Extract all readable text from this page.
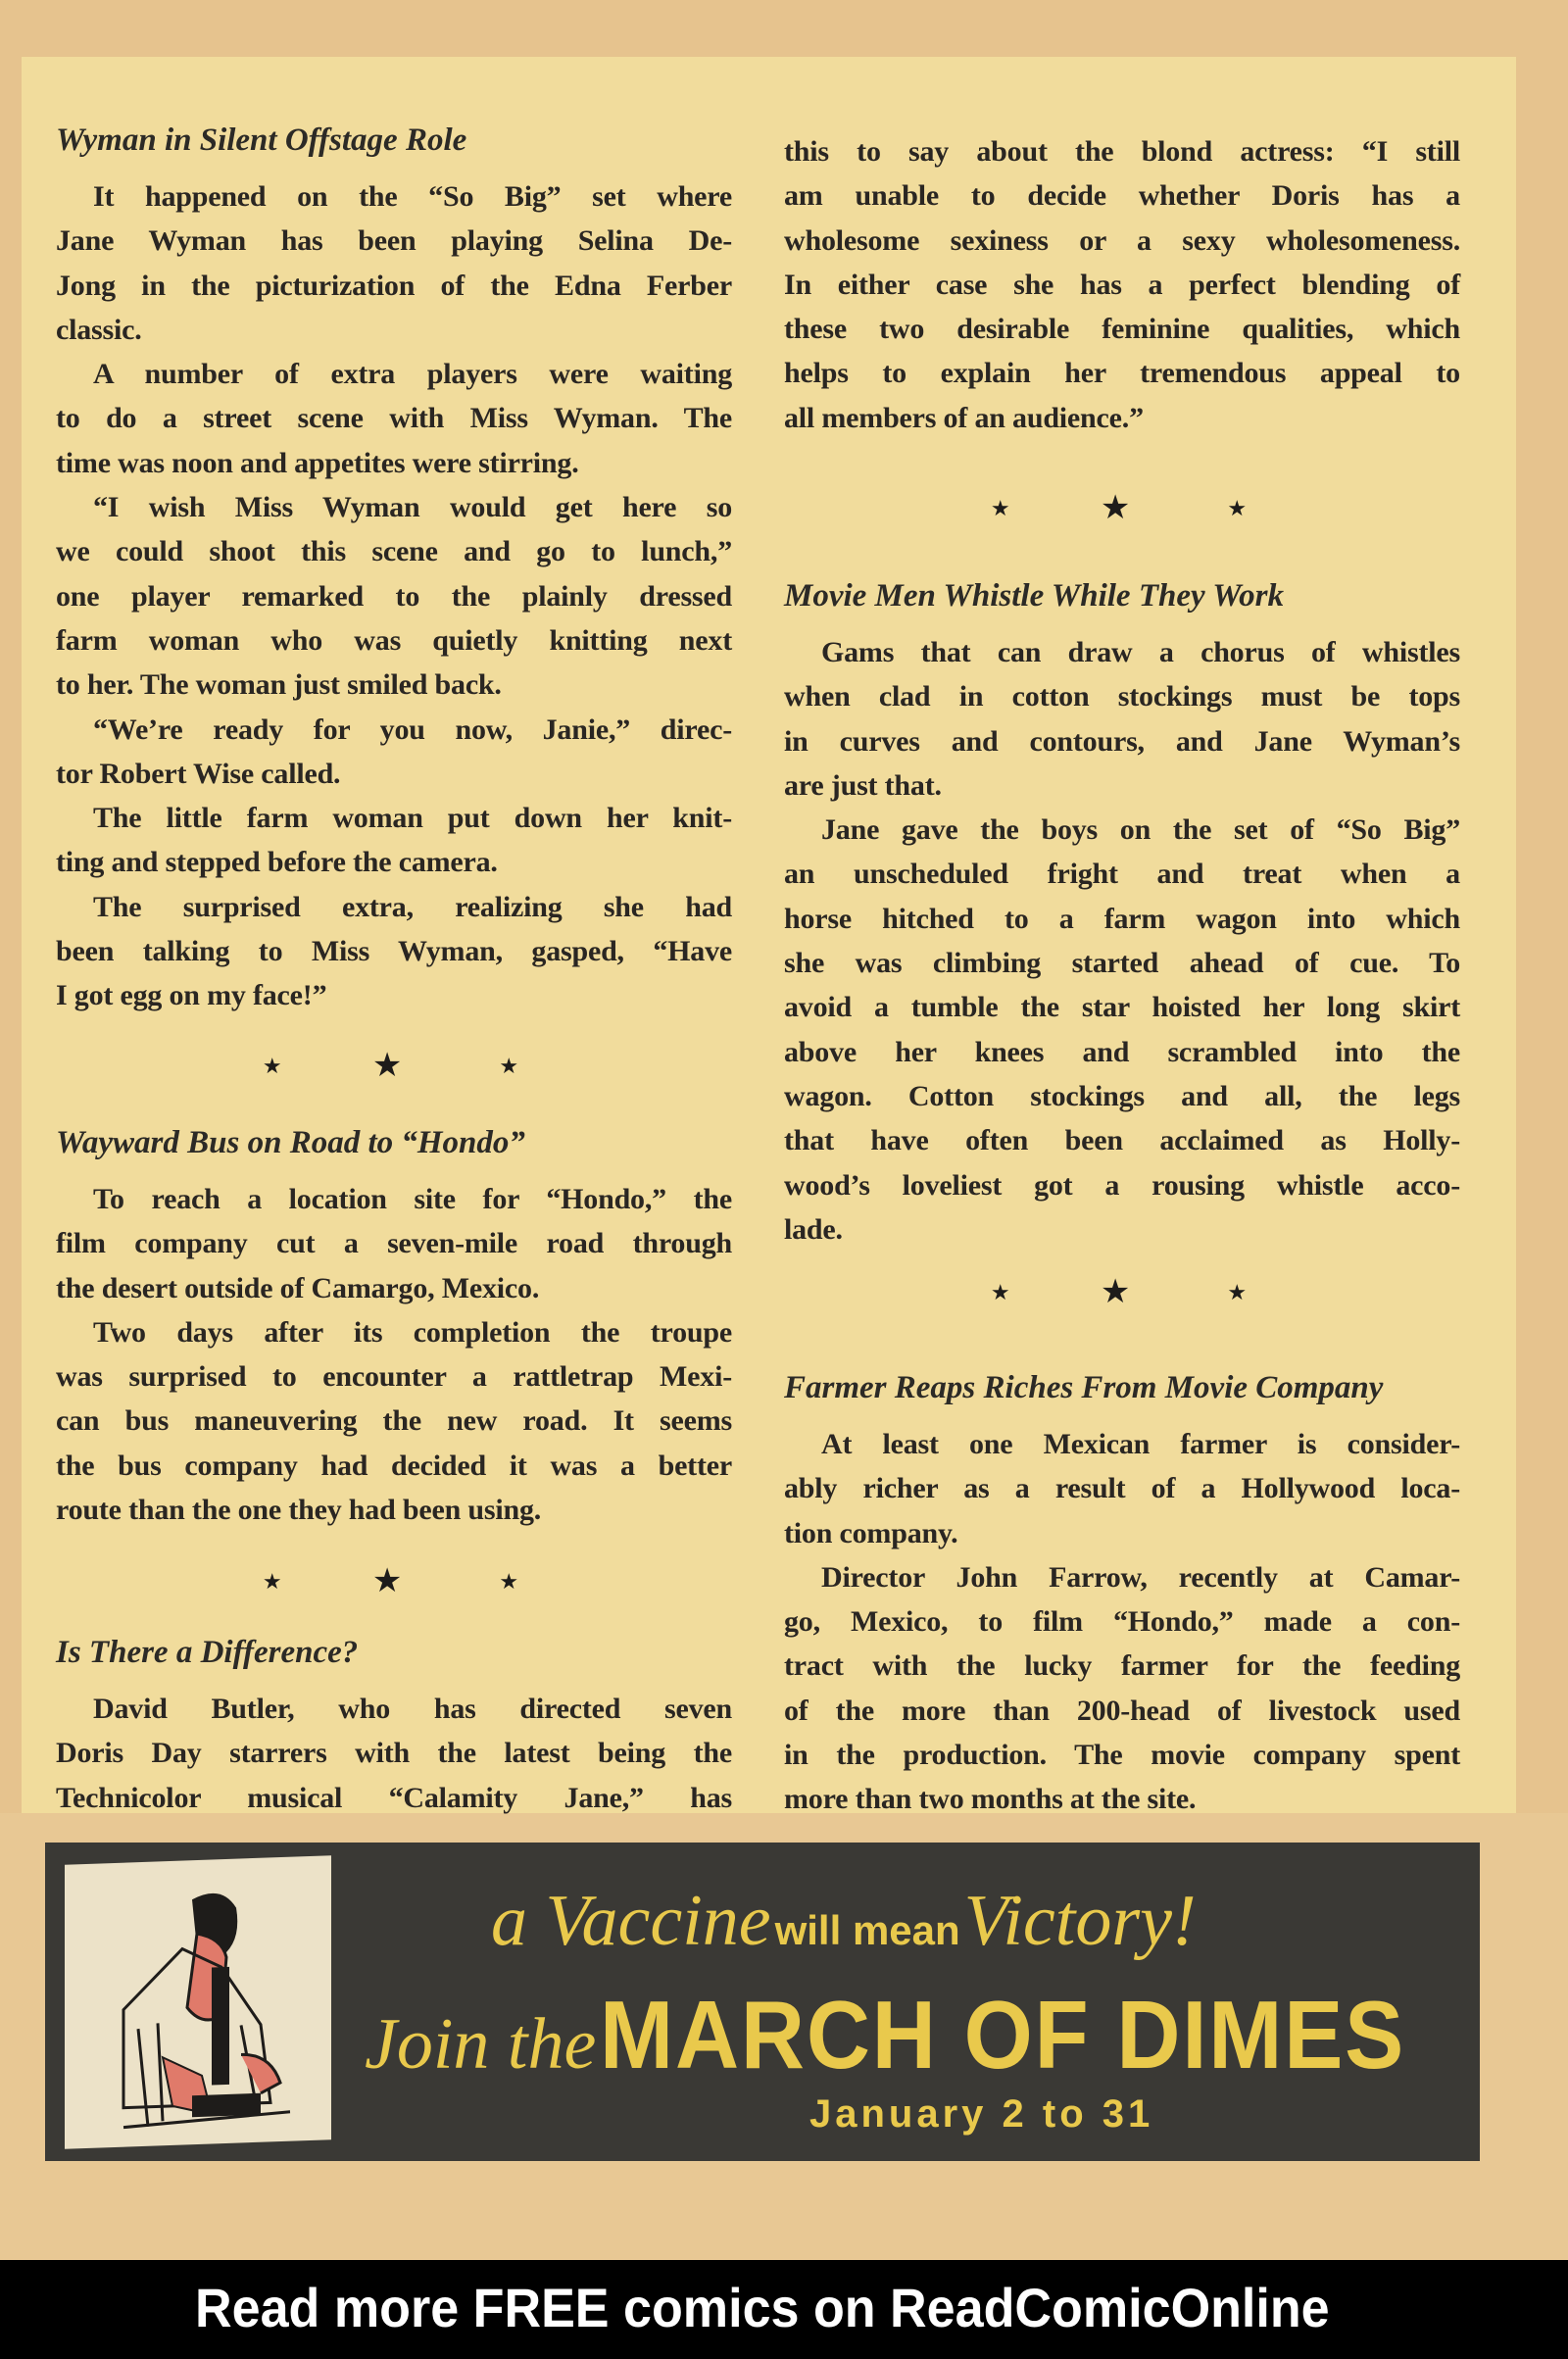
Wyman in Silent Offstage Role
It happened on the “So Big” set where
Jane Wyman has been playing Selina De-
Jong in the picturization of the Edna Ferber
classic.
A number of extra players were waiting
to do a street scene with Miss Wyman. The
time was noon and appetites were stirring.
“I wish Miss Wyman would get here so
we could shoot this scene and go to lunch,”
one player remarked to the plainly dressed
farm woman who was quietly knitting next
to her. The woman just smiled back.
“We’re ready for you now, Janie,” direc-
tor Robert Wise called.
The little farm woman put down her knit-
ting and stepped before the camera.
The surprised extra, realizing she had
been talking to Miss Wyman, gasped, “Have
I got egg on my face!”
★	★	★
Wayward Bus on Road to “Hondo”
To reach a location site for “Hondo,” the
film company cut a seven-mile road through
the desert outside of Camargo, Mexico.
Two days after its completion the troupe
was surprised to encounter a rattletrap Mexi-
can bus maneuvering the new road. It seems
the bus company had decided it was a better
route than the one they had been using.
★	★	★
Is There a Difference?
David Butler, who has directed seven
Doris Day starrers with the latest being the
Technicolor musical “Calamity Jane,” has
this to say about the blond actress: “I still
am unable to decide whether Doris has a
wholesome sexiness or a sexy wholesomeness.
In either case she has a perfect blending of
these two desirable feminine qualities, which
helps to explain her tremendous appeal to
all members of an audience.”
★	★	★
Movie Men Whistle While They Work
Gams that can draw a chorus of whistles
when clad in cotton stockings must be tops
in curves and contours, and Jane Wyman’s
are just that.
Jane gave the boys on the set of “So Big”
an unscheduled fright and treat when a
horse hitched to a farm wagon into which
she was climbing started ahead of cue. To
avoid a tumble the star hoisted her long skirt
above her knees and scrambled into the
wagon. Cotton stockings and all, the legs
that have often been acclaimed as Holly-
wood’s loveliest got a rousing whistle acco-
lade.
★	★	★
Farmer Reaps Riches From Movie Company
At least one Mexican farmer is consider-
ably richer as a result of a Hollywood loca-
tion company.
Director John Farrow, recently at Camar-
go, Mexico, to film “Hondo,” made a con-
tract with the lucky farmer for the feeding
of the more than 200-head of livestock used
in the production. The movie company spent
more than two months at the site.
a Vaccine will mean Victory!
Join the MARCH OF DIMES
January 2 to 31
Read more FREE comics on ReadComicOnline
